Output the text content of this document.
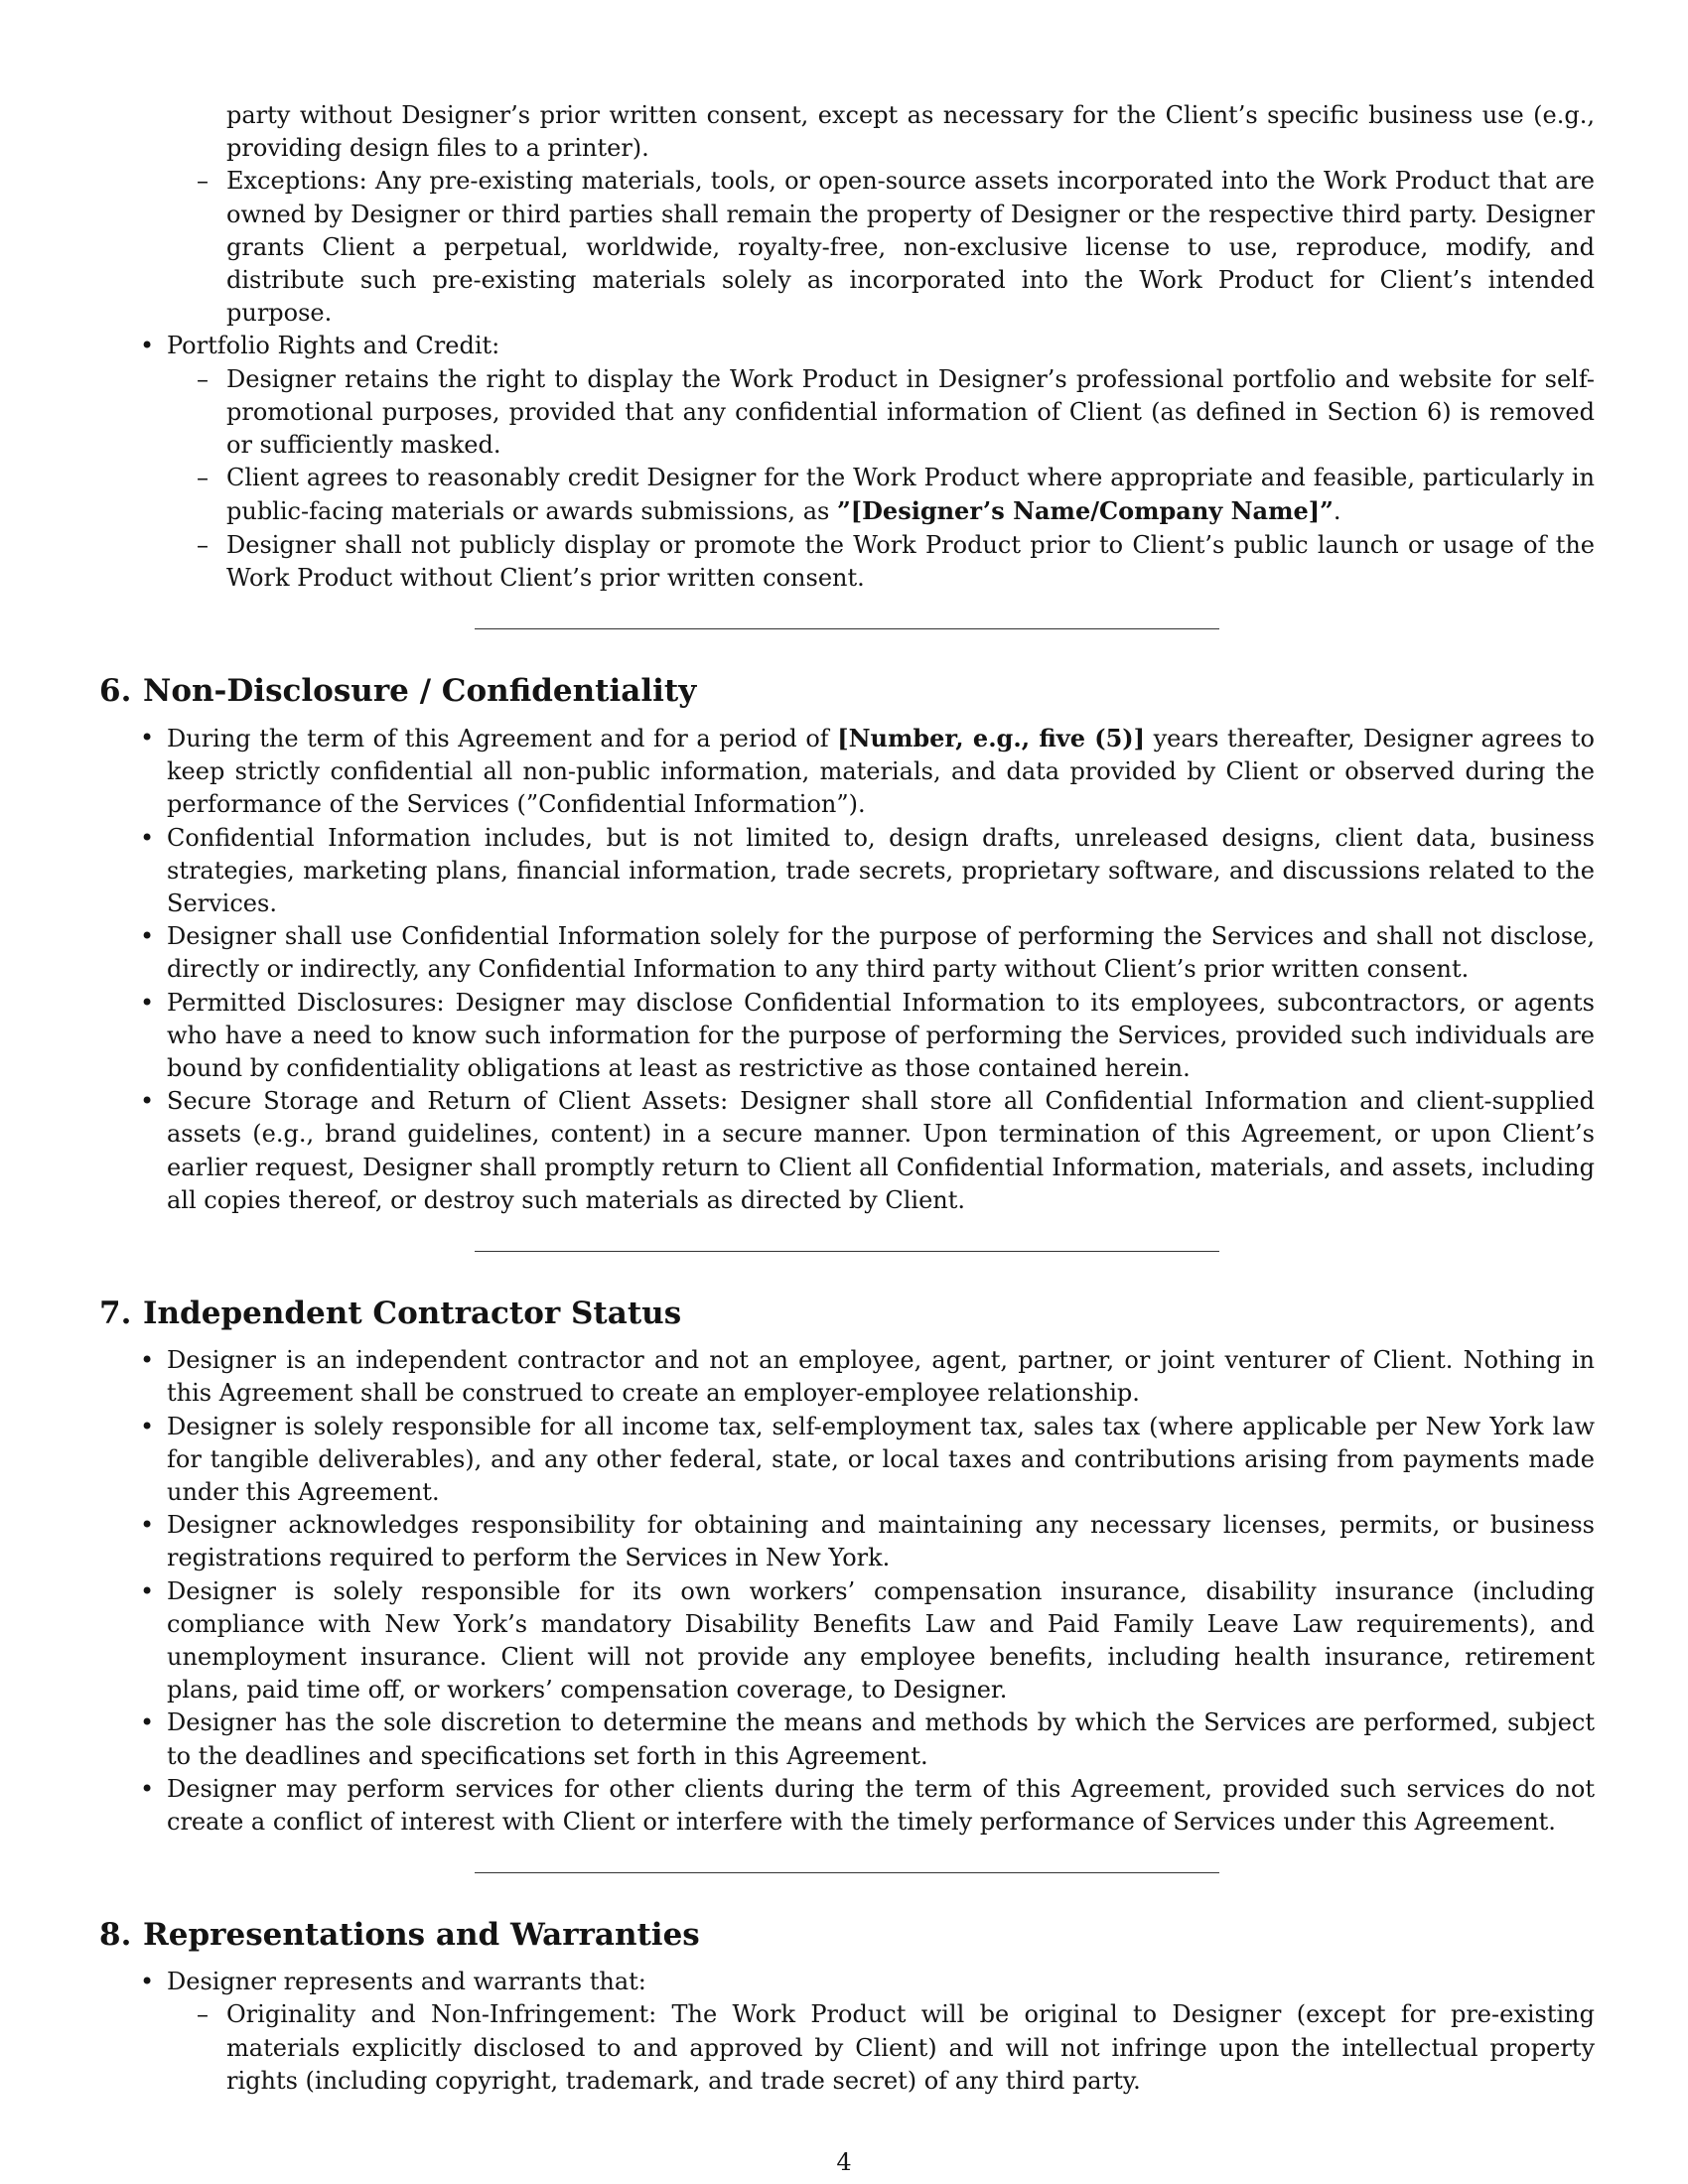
party without Designer’s prior written consent, except as necessary for the Client’s specific business use (e.g., providing design files to a printer).

– Exceptions: Any pre-existing materials, tools, or open-source assets incorporated into the Work Product that are owned by Designer or third parties shall remain the property of Designer or the respective third party. Designer grants Client a perpetual, worldwide, royalty-free, non-exclusive license to use, reproduce, modify, and distribute such pre-existing materials solely as incorporated into the Work Product for Client’s intended purpose.
• Portfolio Rights and Credit:
– Designer retains the right to display the Work Product in Designer’s professional portfolio and website for self-promotional purposes, provided that any confidential information of Client (as defined in Section 6) is removed or sufficiently masked.
– Client agrees to reasonably credit Designer for the Work Product where appropriate and feasible, particularly in public-facing materials or awards submissions, as ”[Designer’s Name/Company Name]”.
– Designer shall not publicly display or promote the Work Product prior to Client’s public launch or usage of the Work Product without Client’s prior written consent.
6. Non-Disclosure / Confidentiality
• During the term of this Agreement and for a period of [Number, e.g., five (5)] years thereafter, Designer agrees to keep strictly confidential all non-public information, materials, and data provided by Client or observed during the performance of the Services (”Confidential Information”).
• Confidential Information includes, but is not limited to, design drafts, unreleased designs, client data, business strategies, marketing plans, financial information, trade secrets, proprietary software, and discussions related to the Services.
• Designer shall use Confidential Information solely for the purpose of performing the Services and shall not disclose, directly or indirectly, any Confidential Information to any third party without Client’s prior written consent.
• Permitted Disclosures: Designer may disclose Confidential Information to its employees, subcontractors, or agents who have a need to know such information for the purpose of performing the Services, provided such individuals are bound by confidentiality obligations at least as restrictive as those contained herein.
• Secure Storage and Return of Client Assets: Designer shall store all Confidential Information and client-supplied assets (e.g., brand guidelines, content) in a secure manner. Upon termination of this Agreement, or upon Client’s earlier request, Designer shall promptly return to Client all Confidential Information, materials, and assets, including all copies thereof, or destroy such materials as directed by Client.
7. Independent Contractor Status
• Designer is an independent contractor and not an employee, agent, partner, or joint venturer of Client. Nothing in this Agreement shall be construed to create an employer-employee relationship.
• Designer is solely responsible for all income tax, self-employment tax, sales tax (where applicable per New York law for tangible deliverables), and any other federal, state, or local taxes and contributions arising from payments made under this Agreement.
• Designer acknowledges responsibility for obtaining and maintaining any necessary licenses, permits, or business registrations required to perform the Services in New York.
• Designer is solely responsible for its own workers’ compensation insurance, disability insurance (including compliance with New York’s mandatory Disability Benefits Law and Paid Family Leave Law requirements), and unemployment insurance. Client will not provide any employee benefits, including health insurance, retirement plans, paid time off, or workers’ compensation coverage, to Designer.
• Designer has the sole discretion to determine the means and methods by which the Services are performed, subject to the deadlines and specifications set forth in this Agreement.
• Designer may perform services for other clients during the term of this Agreement, provided such services do not create a conflict of interest with Client or interfere with the timely performance of Services under this Agreement.
8. Representations and Warranties
• Designer represents and warrants that:
– Originality and Non-Infringement: The Work Product will be original to Designer (except for pre-existing materials explicitly disclosed to and approved by Client) and will not infringe upon the intellectual property rights (including copyright, trademark, and trade secret) of any third party.
4
